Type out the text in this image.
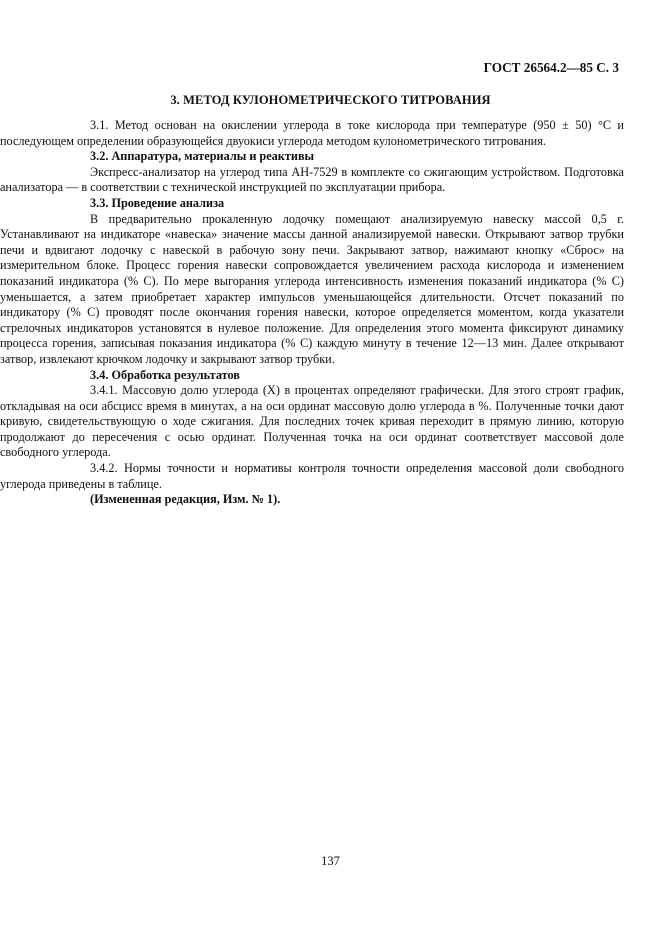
ГОСТ 26564.2—85 С. 3
3. МЕТОД КУЛОНОМЕТРИЧЕСКОГО ТИТРОВАНИЯ

3.1. Метод основан на окислении углерода в токе кислорода при температуре (950 ± 50) °С и последующем определении образующейся двуокиси углерода методом кулонометрического титрования.

3.2. Аппаратура, материалы и реактивы

Экспресс-анализатор на углерод типа АН-7529 в комплекте со сжигающим устройством. Подготовка анализатора — в соответствии с технической инструкцией по эксплуатации прибора.

3.3. Проведение анализа

В предварительно прокаленную лодочку помещают анализируемую навеску массой 0,5 г. Устанавливают на индикаторе «навеска» значение массы данной анализируемой навески. Открывают затвор трубки печи и вдвигают лодочку с навеской в рабочую зону печи. Закрывают затвор, нажимают кнопку «Сброс» на измерительном блоке. Процесс горения навески сопровождается увеличением расхода кислорода и изменением показаний индикатора (% С). По мере выгорания углерода интенсивность изменения показаний индикатора (% С) уменьшается, а затем приобретает характер импульсов уменьшающейся длительности. Отсчет показаний по индикатору (% С) проводят после окончания горения навески, которое определяется моментом, когда указатели стрелочных индикаторов установятся в нулевое положение. Для определения этого момента фиксируют динамику процесса горения, записывая показания индикатора (% С) каждую минуту в течение 12—13 мин. Далее открывают затвор, извлекают крючком лодочку и закрывают затвор трубки.

3.4. Обработка результатов

3.4.1. Массовую долю углерода (X) в процентах определяют графически. Для этого строят график, откладывая на оси абсцисс время в минутах, а на оси ординат массовую долю углерода в %. Полученные точки дают кривую, свидетельствующую о ходе сжигания. Для последних точек кривая переходит в прямую линию, которую продолжают до пересечения с осью ординат. Полученная точка на оси ординат соответствует массовой доле свободного углерода.

3.4.2. Нормы точности и нормативы контроля точности определения массовой доли свободного углерода приведены в таблице.

(Измененная редакция, Изм. № 1).

137
